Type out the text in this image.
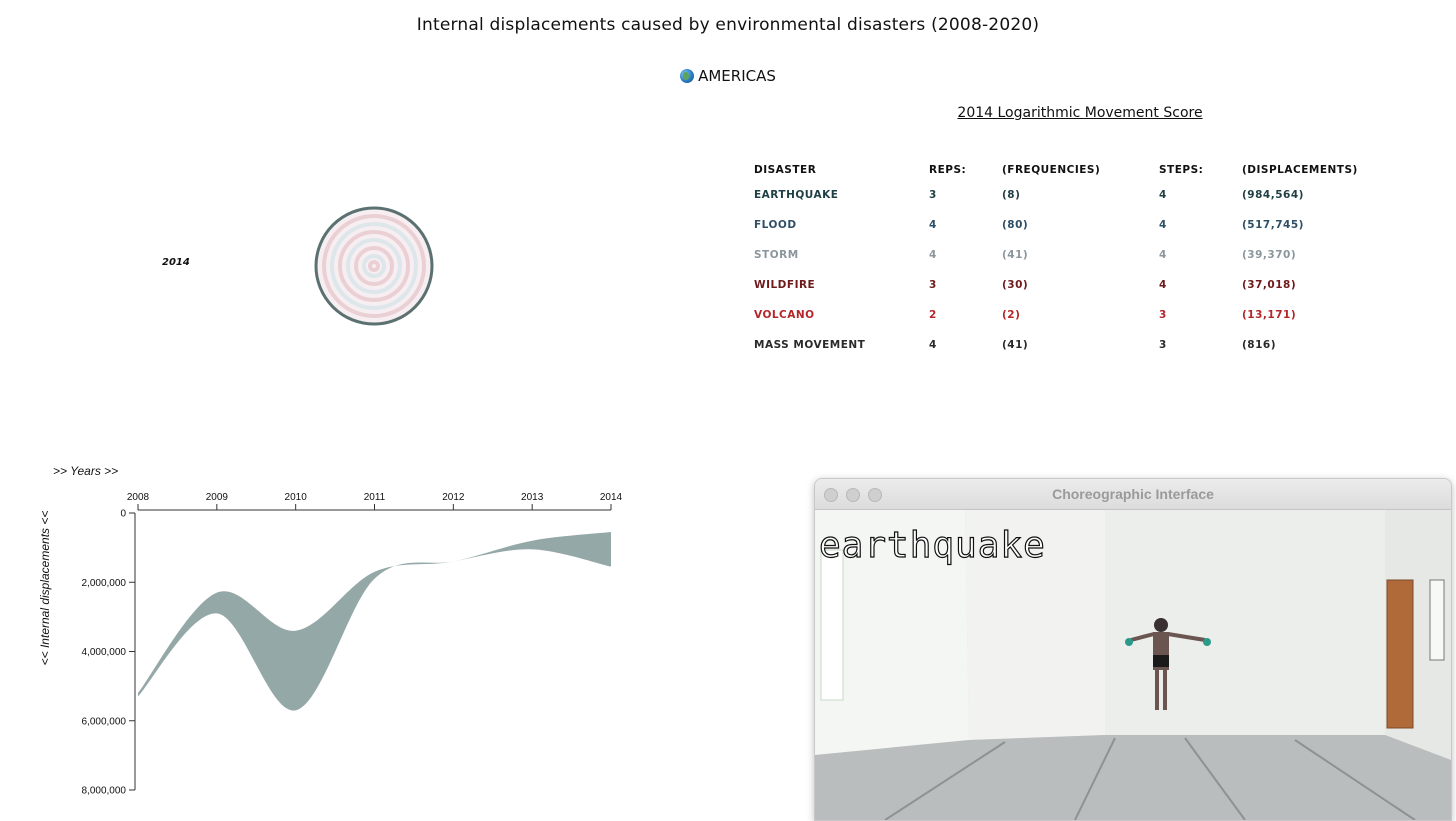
Internal displacements caused by environmental disasters (2008-2020)
AMERICAS
2014 Logarithmic Movement Score
2014
DISASTER	REPS:	(FREQUENCIES)	STEPS:	(DISPLACEMENTS)
EARTHQUAKE	3	(8)	4	(984,564)
FLOOD	4	(80)	4	(517,745)
STORM	4	(41)	4	(39,370)
WILDFIRE	3	(30)	4	(37,018)
VOLCANO	2	(2)	3	(13,171)
MASS MOVEMENT	4	(41)	3	(816)
2008	2009	2010	2011	2012	2013	2014
0
2,000,000
4,000,000
6,000,000
8,000,000
>> Years >>
<< Internal displacements <<
Choreographic Interface
earthquake
